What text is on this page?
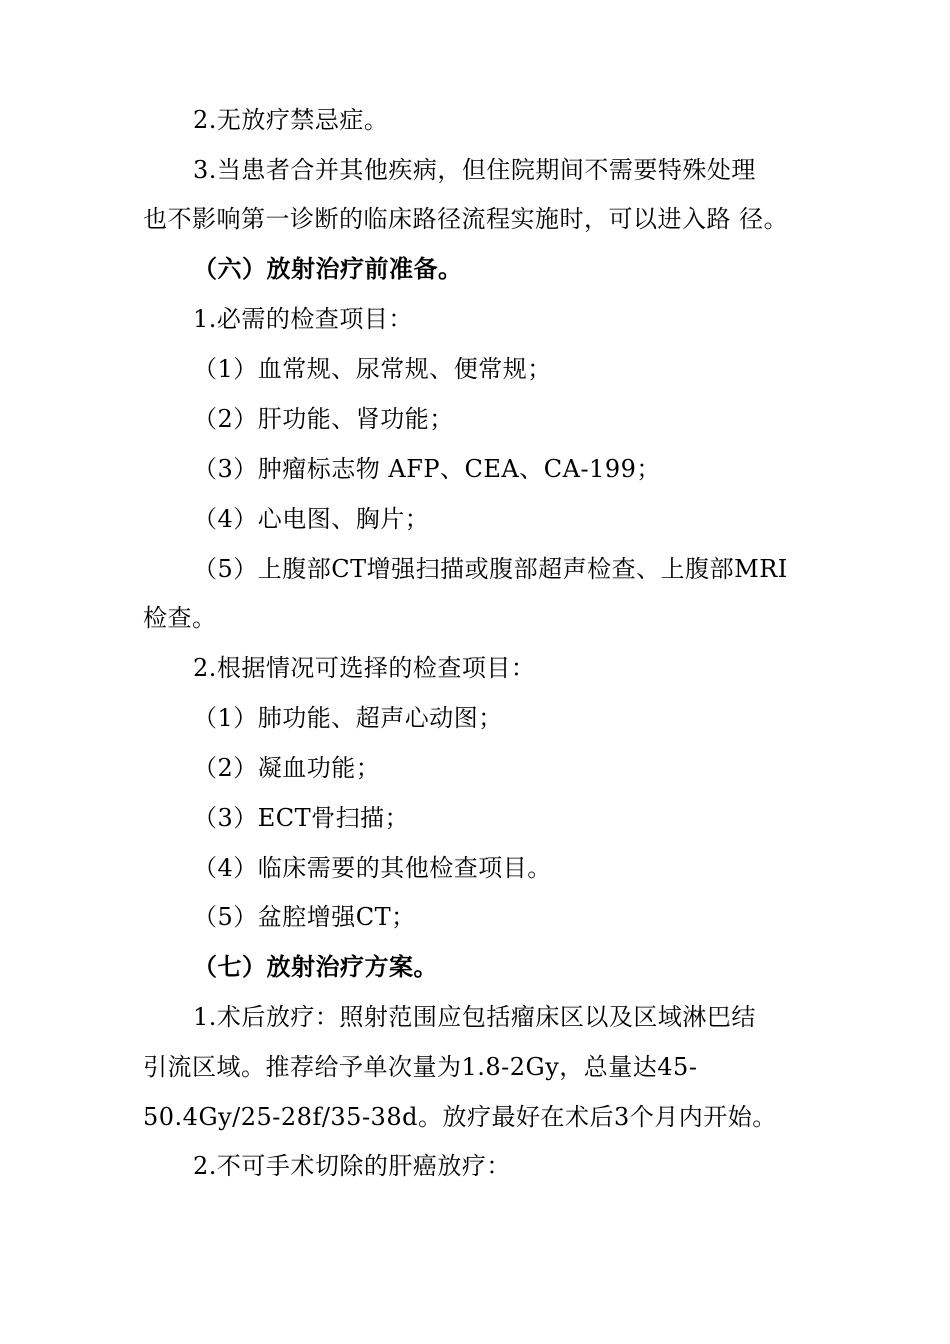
2.无放疗禁忌症。
3.当患者合并其他疾病，但住院期间不需要特殊处理
也不影响第一诊断的临床路径流程实施时，可以进入路 径。
（六）放射治疗前准备。
1.必需的检查项目：
（1）血常规、尿常规、便常规；
（2）肝功能、肾功能；
（3）肿瘤标志物 AFP、CEA、CA-199；
（4）心电图、胸片；
（5）上腹部CT增强扫描或腹部超声检查、上腹部MRI
检查。
2.根据情况可选择的检查项目：
（1）肺功能、超声心动图；
（2）凝血功能；
（3）ECT骨扫描；
（4）临床需要的其他检查项目。
（5）盆腔增强CT；
（七）放射治疗方案。
1.术后放疗：照射范围应包括瘤床区以及区域淋巴结
引流区域。推荐给予单次量为1.8-2Gy，总量达45-
50.4Gy/25-28f/35-38d。放疗最好在术后3个月内开始。
2.不可手术切除的肝癌放疗：
